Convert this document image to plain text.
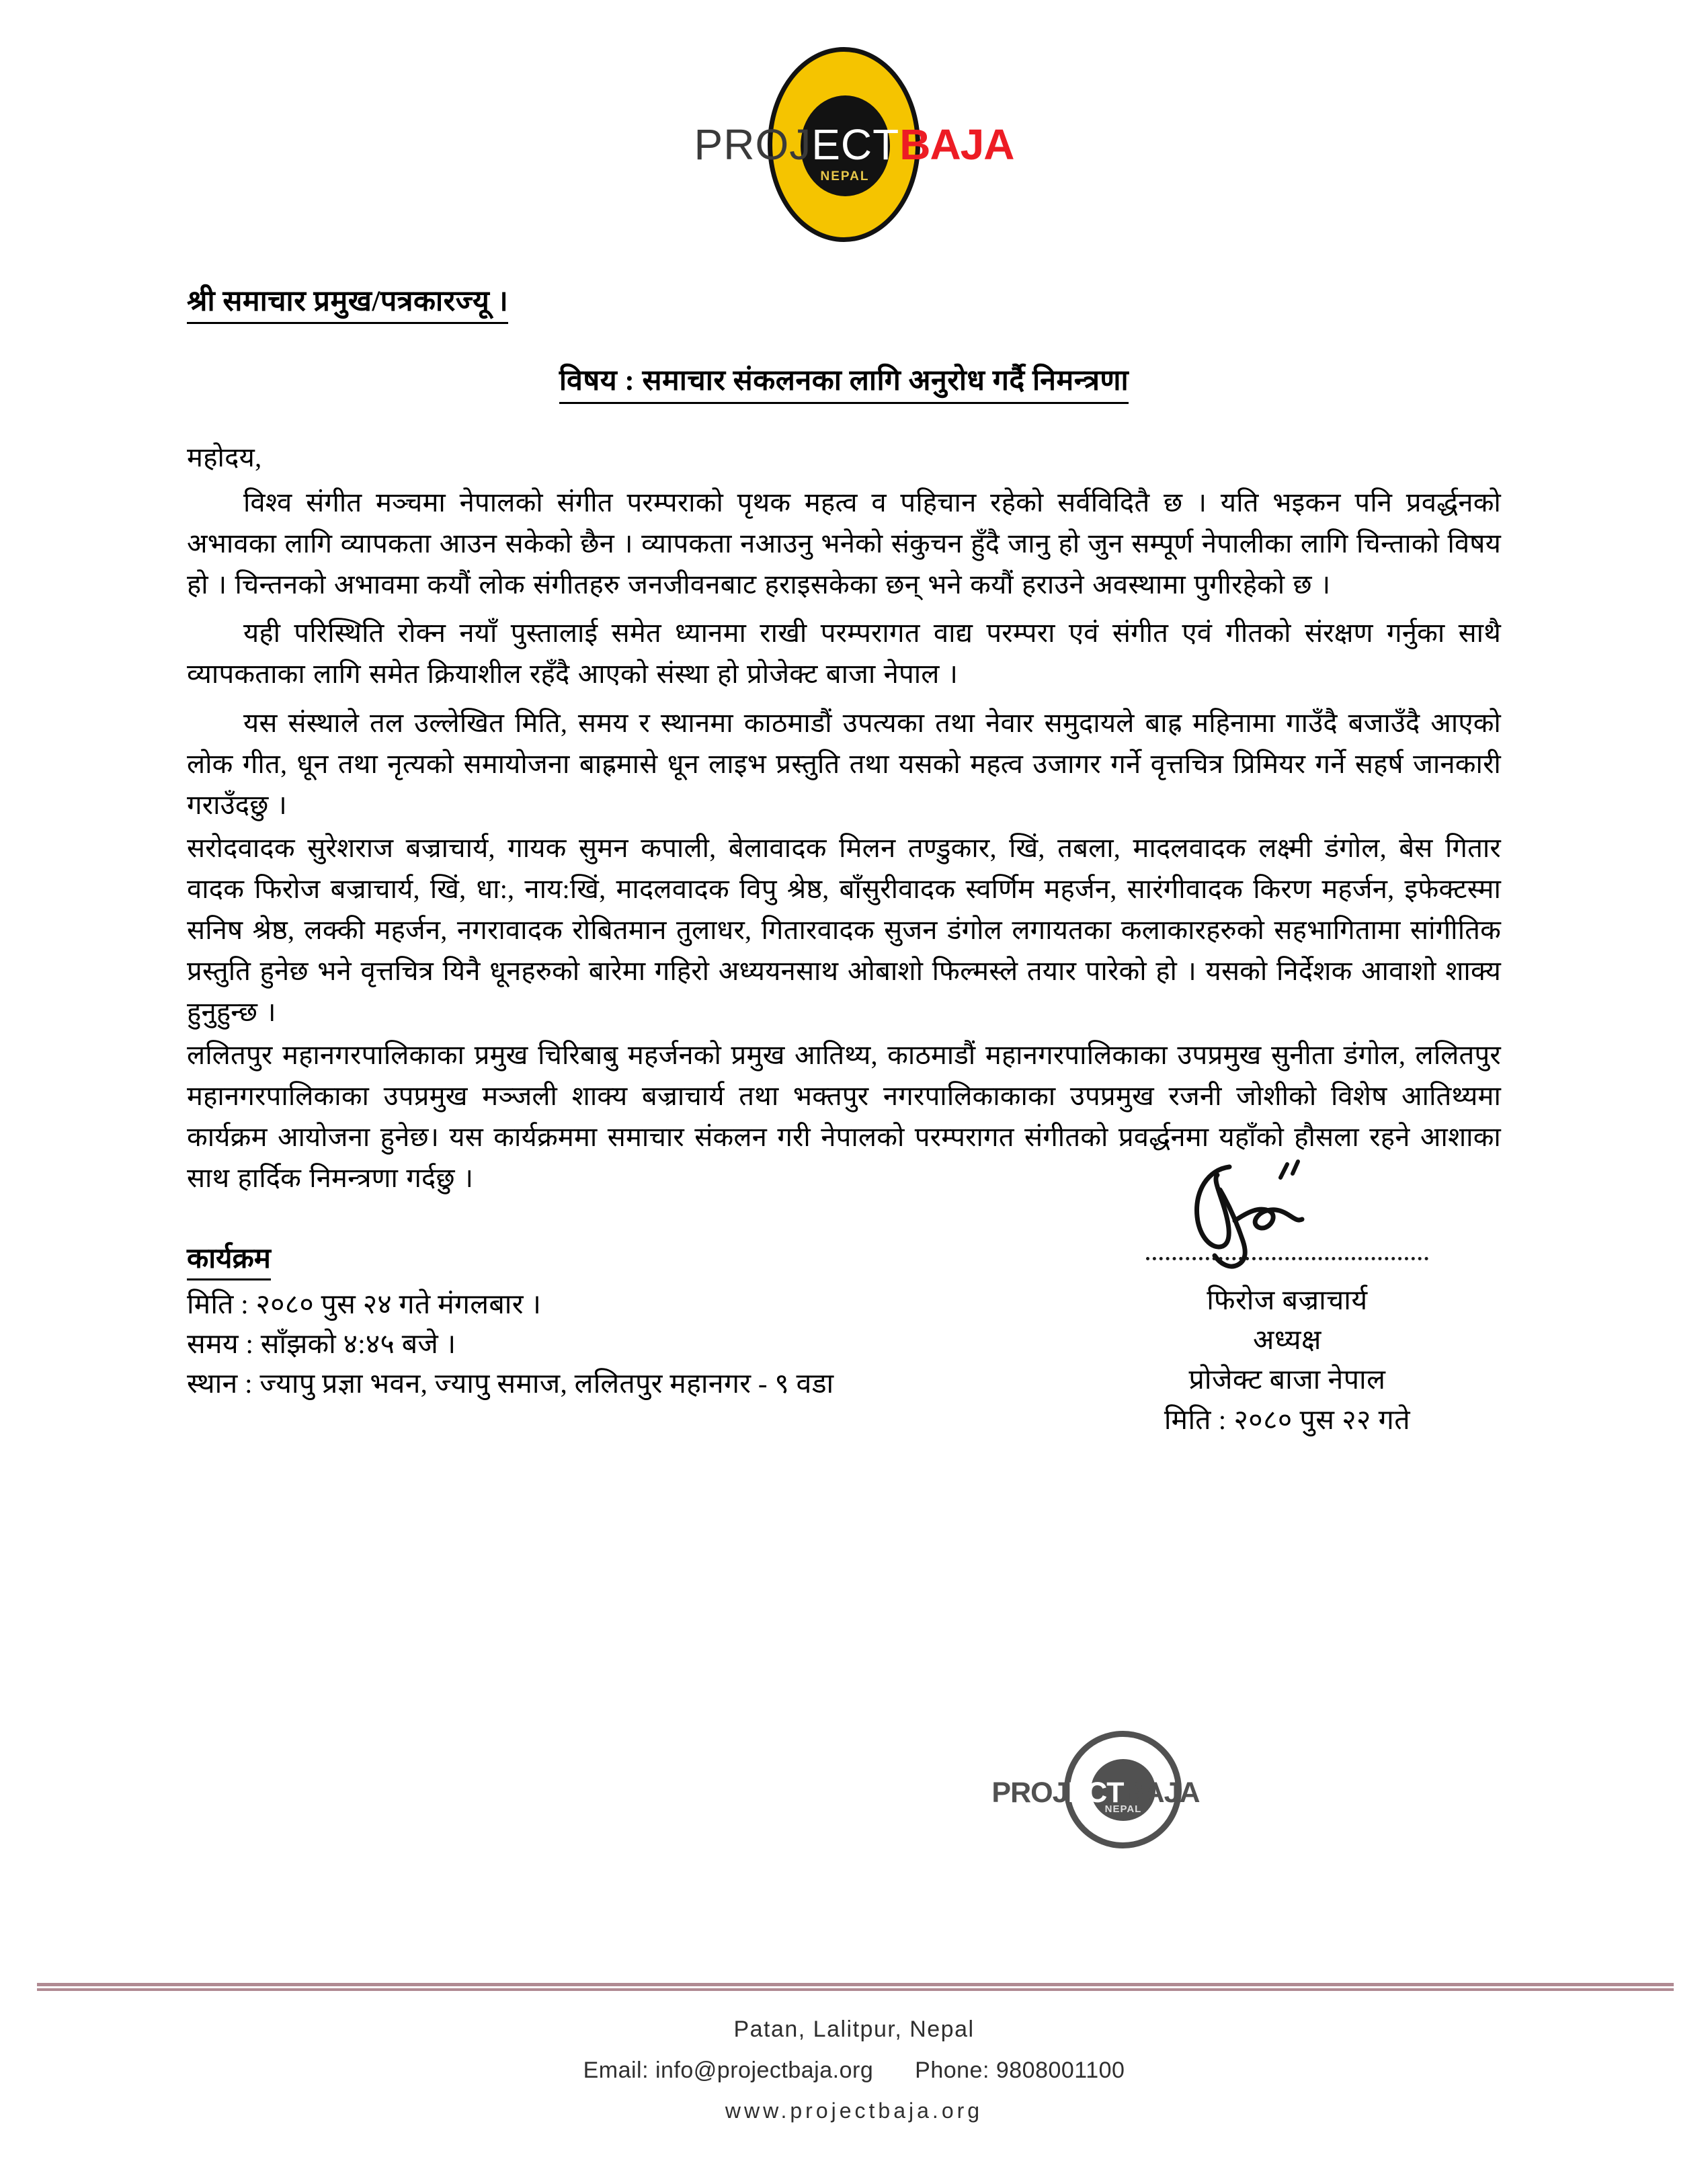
PROJECTBAJA
NEPAL
श्री समाचार प्रमुख/पत्रकारज्यू ।
विषय : समाचार संकलनका लागि अनुरोध गर्दै निमन्त्रणा
महोदय,

विश्व संगीत मञ्चमा नेपालको संगीत परम्पराको पृथक महत्व व पहिचान रहेको सर्वविदितै छ । यति भइकन पनि प्रवर्द्धनको अभावका लागि व्यापकता आउन सकेको छैन । व्यापकता नआउनु भनेको संकुचन हुँदै जानु हो जुन सम्पूर्ण नेपालीका लागि चिन्ताको विषय हो । चिन्तनको अभावमा कयौं लोक संगीतहरु जनजीवनबाट हराइसकेका छन् भने कयौं हराउने अवस्थामा पुगीरहेको छ ।

यही परिस्थिति रोक्न नयाँ पुस्तालाई समेत ध्यानमा राखी परम्परागत वाद्य परम्परा एवं संगीत एवं गीतको संरक्षण गर्नुका साथै व्यापकताका लागि समेत क्रियाशील रहँदै आएको संस्था हो प्रोजेक्ट बाजा नेपाल ।

यस संस्थाले तल उल्लेखित मिति, समय र स्थानमा काठमाडौं उपत्यका तथा नेवार समुदायले बाह्र महिनामा गाउँदै बजाउँदै आएको लोक गीत, धून तथा नृत्यको समायोजना बाह्रमासे धून लाइभ प्रस्तुति तथा यसको महत्व उजागर गर्ने वृत्तचित्र प्रिमियर गर्ने सहर्ष जानकारी गराउँदछु ।

सरोदवादक सुरेशराज बज्राचार्य, गायक सुमन कपाली, बेलावादक मिलन तण्डुकार, खिं, तबला, मादलवादक लक्ष्मी डंगोल, बेस गितार वादक फिरोज बज्राचार्य, खिं, धा:, नाय:खिं, मादलवादक विपु श्रेष्ठ, बाँसुरीवादक स्वर्णिम महर्जन, सारंगीवादक किरण महर्जन, इफेक्टस्मा सनिष श्रेष्ठ, लक्की महर्जन, नगरावादक रोबितमान तुलाधर, गितारवादक सुजन डंगोल लगायतका कलाकारहरुको सहभागितामा सांगीतिक प्रस्तुति हुनेछ भने वृत्तचित्र यिनै धूनहरुको बारेमा गहिरो अध्ययनसाथ ओबाशो फिल्मस्ले तयार पारेको हो । यसको निर्देशक आवाशो शाक्य हुनुहुन्छ ।

ललितपुर महानगरपालिकाका प्रमुख चिरिबाबु महर्जनको प्रमुख आतिथ्य, काठमाडौं महानगरपालिकाका उपप्रमुख सुनीता डंगोल, ललितपुर महानगरपालिकाका उपप्रमुख मञ्जली शाक्य बज्राचार्य तथा भक्तपुर नगरपालिकाकाका उपप्रमुख रजनी जोशीको विशेष आतिथ्यमा कार्यक्रम आयोजना हुनेछ। यस कार्यक्रममा समाचार संकलन गरी नेपालको परम्परागत संगीतको प्रवर्द्धनमा यहाँको हौसला रहने आशाका साथ हार्दिक निमन्त्रणा गर्दछु ।

कार्यक्रम
मिति : २०८० पुस २४ गते मंगलबार ।
समय : साँझको ४:४५ बजे ।
स्थान : ज्यापु प्रज्ञा भवन, ज्यापु समाज, ललितपुर महानगर - ९ वडा
फिरोज बज्राचार्य
अध्यक्ष
प्रोजेक्ट बाजा नेपाल
मिति : २०८० पुस २२ गते
PROJECTBAJA
NEPAL
Patan, Lalitpur, Nepal
Email: info@projectbaja.org Phone: 9808001100
www.projectbaja.org
